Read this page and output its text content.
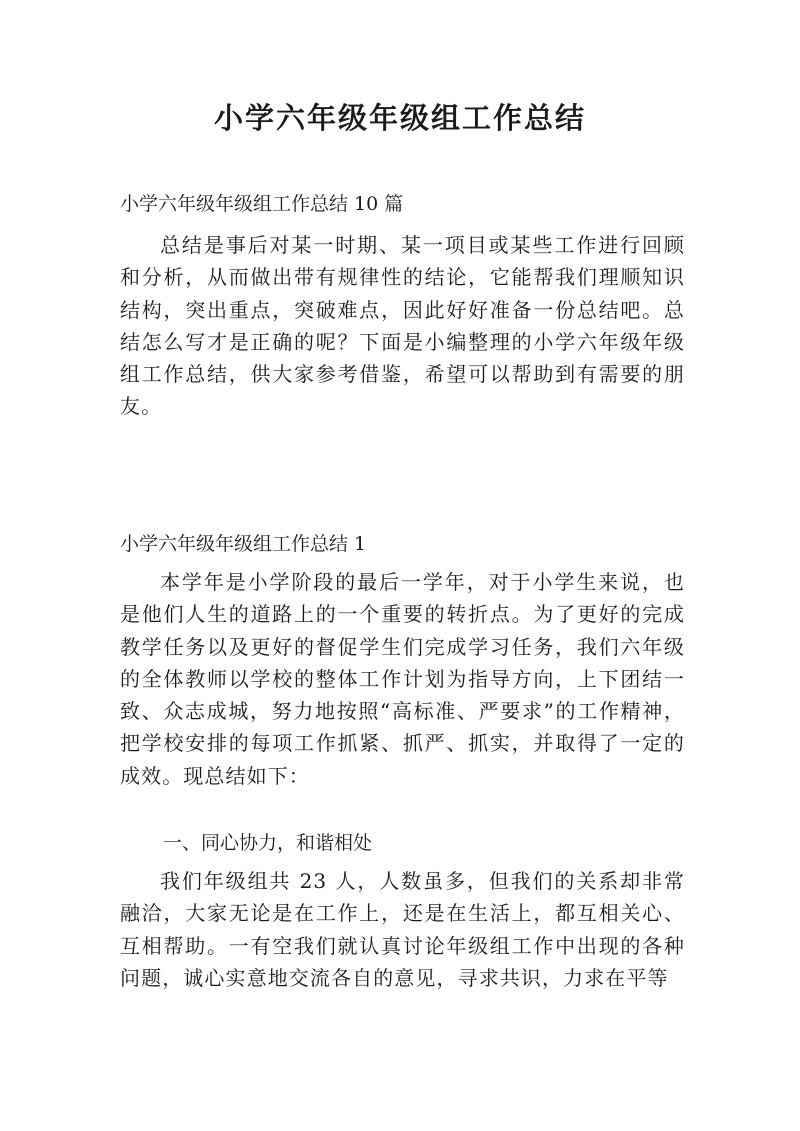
小学六年级年级组工作总结

小学六年级年级组工作总结 10 篇

总结是事后对某一时期、某一项目或某些工作进行回顾和分析，从而做出带有规律性的结论，它能帮我们理顺知识结构，突出重点，突破难点，因此好好准备一份总结吧。总结怎么写才是正确的呢？下面是小编整理的小学六年级年级组工作总结，供大家参考借鉴，希望可以帮助到有需要的朋友。

小学六年级年级组工作总结 1

本学年是小学阶段的最后一学年，对于小学生来说，也是他们人生的道路上的一个重要的转折点。为了更好的完成教学任务以及更好的督促学生们完成学习任务，我们六年级的全体教师以学校的整体工作计划为指导方向，上下团结一致、众志成城，努力地按照“高标准、严要求”的工作精神，把学校安排的每项工作抓紧、抓严、抓实，并取得了一定的成效。现总结如下：

一、同心协力，和谐相处

我们年级组共 23 人，人数虽多，但我们的关系却非常融洽，大家无论是在工作上，还是在生活上，都互相关心、互相帮助。一有空我们就认真讨论年级组工作中出现的各种问题，诚心实意地交流各自的意见，寻求共识，力求在平等
